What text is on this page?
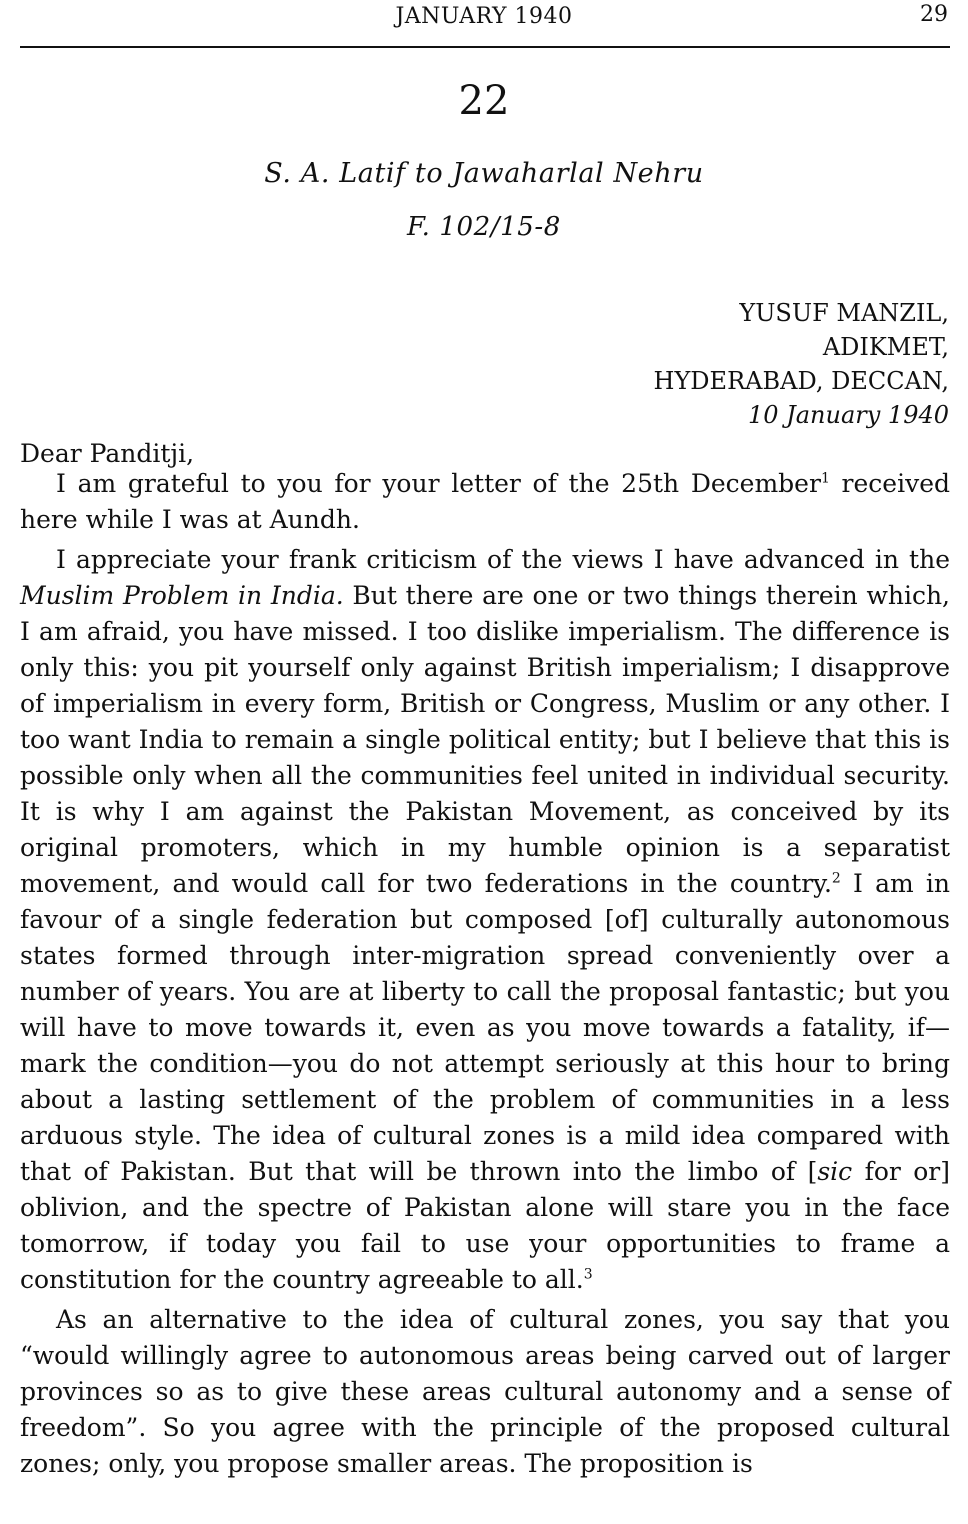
JANUARY 1940	29
22
S. A. Latif to Jawaharlal Nehru
F. 102/15-8
YUSUF MANZIL,
ADIKMET,
HYDERABAD, DECCAN,
10 January 1940
Dear Panditji,

I am grateful to you for your letter of the 25th December$^1$ received here while I was at Aundh.

I appreciate your frank criticism of the views I have advanced in the Muslim Problem in India. But there are one or two things therein which, I am afraid, you have missed. I too dislike imperialism. The difference is only this: you pit yourself only against British imperialism; I disapprove of imperialism in every form, British or Congress, Muslim or any other. I too want India to remain a single political entity; but I believe that this is possible only when all the communities feel united in individual security. It is why I am against the Pakistan Movement, as conceived by its original promoters, which in my humble opinion is a separatist movement, and would call for two federations in the country.$^2$ I am in favour of a single federation but composed [of] culturally autonomous states formed through inter-migration spread conveniently over a number of years. You are at liberty to call the proposal fantastic; but you will have to move towards it, even as you move towards a fatality, if—mark the condition—you do not attempt seriously at this hour to bring about a lasting settlement of the problem of communities in a less arduous style. The idea of cultural zones is a mild idea compared with that of Pakistan. But that will be thrown into the limbo of [sic for or] oblivion, and the spectre of Pakistan alone will stare you in the face tomorrow, if today you fail to use your opportunities to frame a constitution for the country agreeable to all.$^3$

As an alternative to the idea of cultural zones, you say that you “would willingly agree to autonomous areas being carved out of larger provinces so as to give these areas cultural autonomy and a sense of freedom”. So you agree with the principle of the proposed cultural zones; only, you propose smaller areas. The proposition is
